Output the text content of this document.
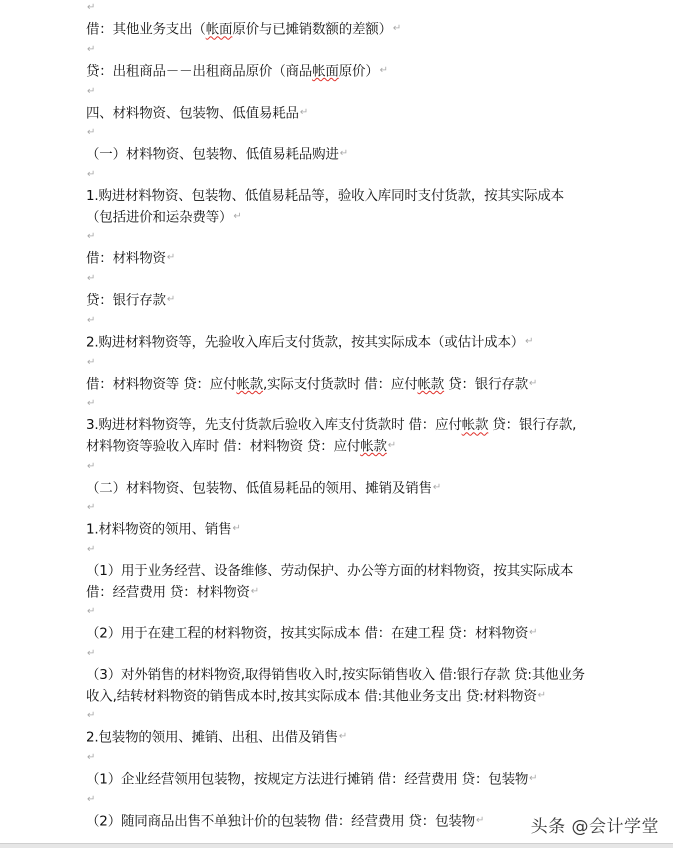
↵

借：其他业务支出（帐面原价与已摊销数额的差额）↵

↵

贷：出租商品－－出租商品原价（商品帐面原价）↵

↵

四、材料物资、包装物、低值易耗品↵

↵

（一）材料物资、包装物、低值易耗品购进↵

↵

1.购进材料物资、包装物、低值易耗品等，验收入库同时支付货款，按其实际成本（包括进价和运杂费等）↵

↵

借：材料物资↵

↵

贷：银行存款↵

↵

2.购进材料物资等，先验收入库后支付货款，按其实际成本（或估计成本）↵

↵

借：材料物资等 贷：应付帐款,实际支付货款时 借：应付帐款 贷：银行存款↵

↵

3.购进材料物资等，先支付货款后验收入库支付货款时 借：应付帐款 贷：银行存款,材料物资等验收入库时 借：材料物资 贷：应付帐款↵

↵

（二）材料物资、包装物、低值易耗品的领用、摊销及销售↵

↵

1.材料物资的领用、销售↵

↵

（1）用于业务经营、设备维修、劳动保护、办公等方面的材料物资，按其实际成本 借：经营费用 贷：材料物资↵

↵

（2）用于在建工程的材料物资，按其实际成本 借：在建工程 贷：材料物资↵

↵

（3）对外销售的材料物资,取得销售收入时,按实际销售收入 借:银行存款 贷:其他业务收入,结转材料物资的销售成本时,按其实际成本 借:其他业务支出 贷:材料物资↵

↵

2.包装物的领用、摊销、出租、出借及销售↵

↵

（1）企业经营领用包装物，按规定方法进行摊销 借：经营费用 贷：包装物↵

↵

（2）随同商品出售不单独计价的包装物 借：经营费用 贷：包装物↵	头条 @会计学堂
